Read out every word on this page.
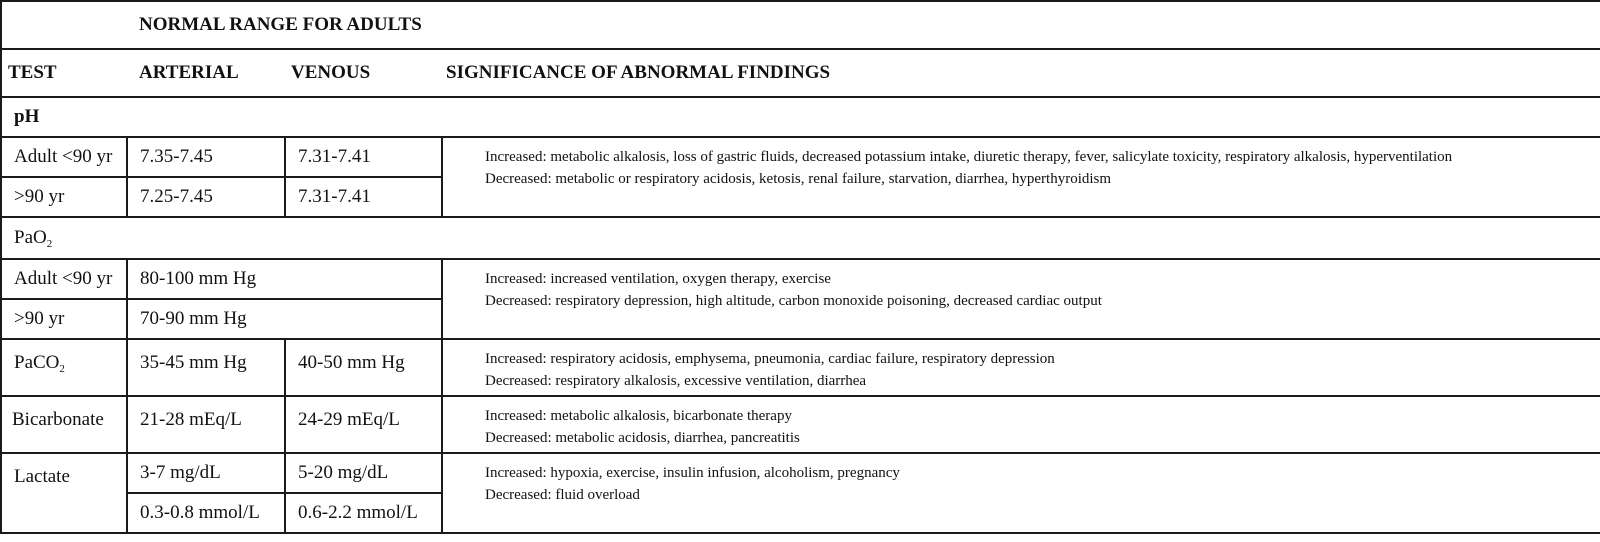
	NORMAL RANGE FOR ADULTS		
TEST	ARTERIAL	VENOUS	SIGNIFICANCE OF ABNORMAL FINDINGS
pH			
Adult <90 yr	7.35-7.45	7.31-7.41	Increased: metabolic alkalosis, loss of gastric fluids, decreased potassium intake, diuretic therapy, fever, salicylate toxicity, respiratory alkalosis, hyperventilation
Decreased: metabolic or respiratory acidosis, ketosis, renal failure, starvation, diarrhea, hyperthyroidism

>90 yr	7.25-7.45	7.31-7.41	
PaO$_2$
Adult <90 yr	80-100 mm Hg		Increased: increased ventilation, oxygen therapy, exercise
Decreased: respiratory depression, high altitude, carbon monoxide poisoning, decreased cardiac output

>90 yr	70-90 mm Hg		
PaCO$_2$	35-45 mm Hg	40-50 mm Hg	Increased: respiratory acidosis, emphysema, pneumonia, cardiac failure, respiratory depression
Decreased: respiratory alkalosis, excessive ventilation, diarrhea

Bicarbonate	21-28 mEq/L	24-29 mEq/L	Increased: metabolic alkalosis, bicarbonate therapy
Decreased: metabolic acidosis, diarrhea, pancreatitis

Lactate	3-7 mg/dL	5-20 mg/dL	Increased: hypoxia, exercise, insulin infusion, alcoholism, pregnancy
Decreased: fluid overload

	0.3-0.8 mmol/L	0.6-2.2 mmol/L	
